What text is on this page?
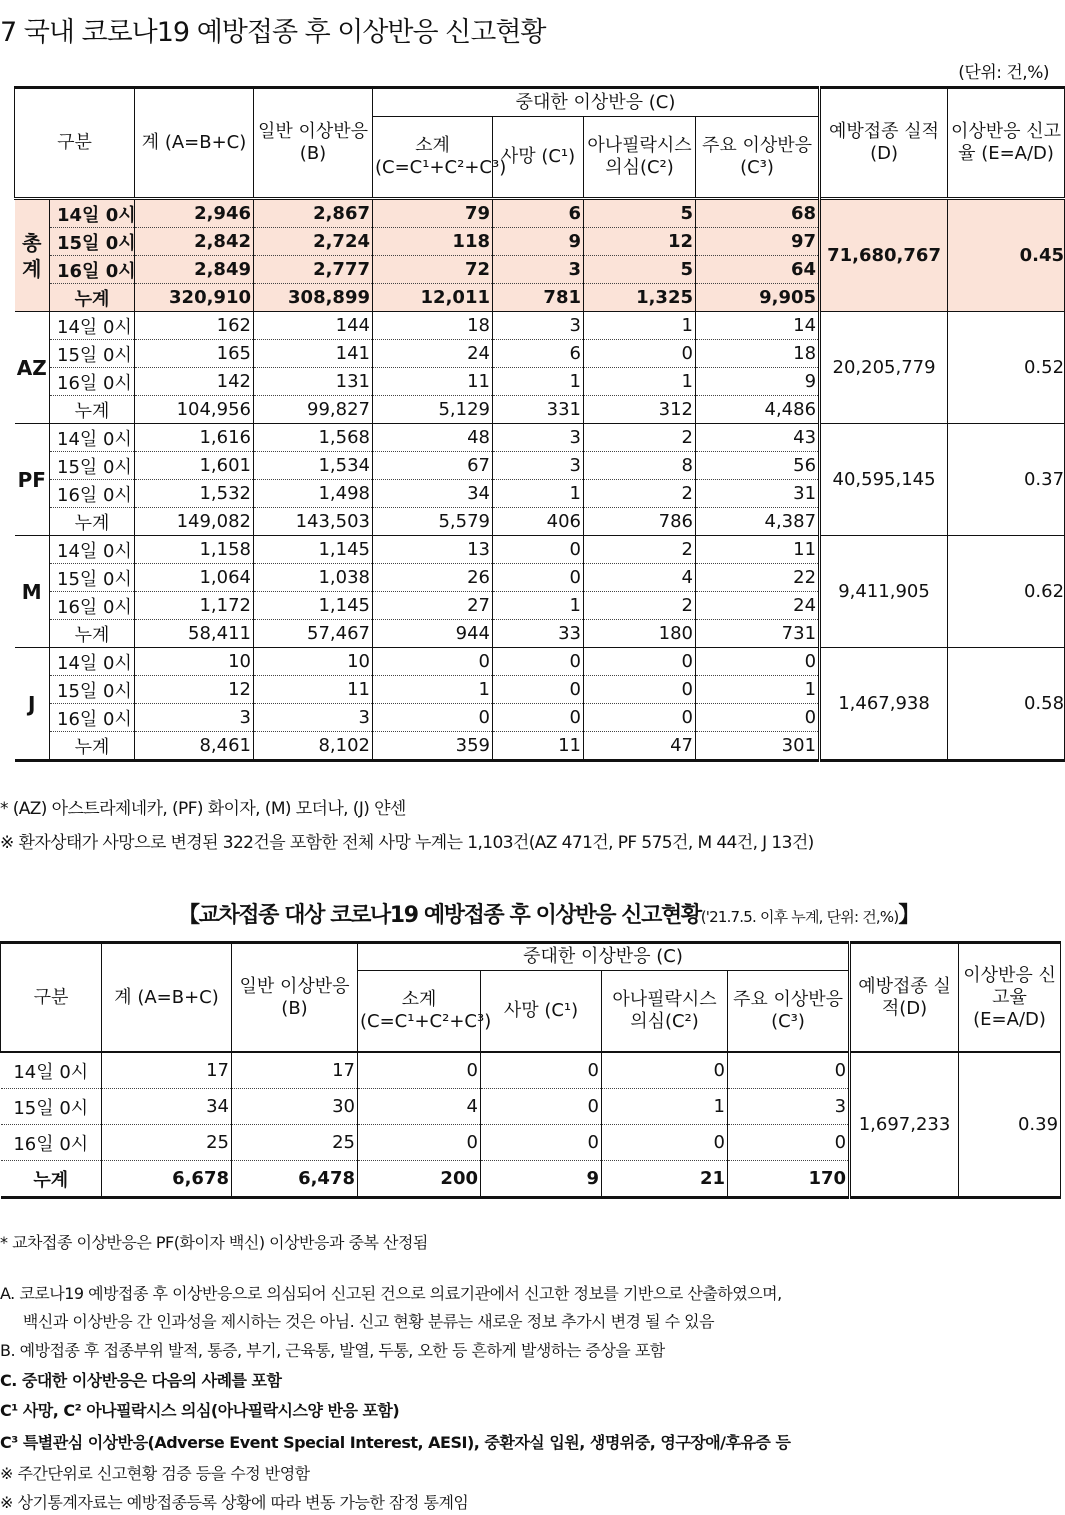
7 국내 코로나19 예방접종 후 이상반응 신고현황
(단위: 건,%)
구분		계 (A=B+C)	일반 이상반응 (B)	중대한 이상반응 (C)				예방접종 실적 (D)	이상반응 신고율 (E=A/D)
				소계 (C=C¹+C²+C³)	사망 (C¹)	아나필락시스의심(C²)	주요 이상반응 (C³)		
총계	14일 0시	2,946	2,867	79	6	5	68	71,680,767	0.45
	15일 0시	2,842	2,724	118	9	12	97		
	16일 0시	2,849	2,777	72	3	5	64		
	누계	320,910	308,899	12,011	781	1,325	9,905		
AZ	14일 0시	162	144	18	3	1	14	20,205,779	0.52
	15일 0시	165	141	24	6	0	18		
	16일 0시	142	131	11	1	1	9		
	누계	104,956	99,827	5,129	331	312	4,486		
PF	14일 0시	1,616	1,568	48	3	2	43	40,595,145	0.37
	15일 0시	1,601	1,534	67	3	8	56		
	16일 0시	1,532	1,498	34	1	2	31		
	누계	149,082	143,503	5,579	406	786	4,387		
M	14일 0시	1,158	1,145	13	0	2	11	9,411,905	0.62
	15일 0시	1,064	1,038	26	0	4	22		
	16일 0시	1,172	1,145	27	1	2	24		
	누계	58,411	57,467	944	33	180	731		
J	14일 0시	10	10	0	0	0	0	1,467,938	0.58
	15일 0시	12	11	1	0	0	1		
	16일 0시	3	3	0	0	0	0		
	누계	8,461	8,102	359	11	47	301		
* (AZ) 아스트라제네카, (PF) 화이자, (M) 모더나, (J) 얀센
※ 환자상태가 사망으로 변경된 322건을 포함한 전체 사망 누계는 1,103건(AZ 471건, PF 575건, M 44건, J 13건)
【교차접종 대상 코로나19 예방접종 후 이상반응 신고현황('21.7.5. 이후 누계, 단위: 건,%)】
구분	계 (A=B+C)	일반 이상반응 (B)	중대한 이상반응 (C)				예방접종 실적(D)	이상반응 신고율 (E=A/D)
			소계 (C=C¹+C²+C³)	사망 (C¹)	아나필락시스 의심(C²)	주요 이상반응 (C³)		
14일 0시	17	17	0	0	0	0	1,697,233	0.39
15일 0시	34	30	4	0	1	3		
16일 0시	25	25	0	0	0	0		
누계	6,678	6,478	200	9	21	170		
* 교차접종 이상반응은 PF(화이자 백신) 이상반응과 중복 산정됨
A. 코로나19 예방접종 후 이상반응으로 의심되어 신고된 건으로 의료기관에서 신고한 정보를 기반으로 산출하였으며,
백신과 이상반응 간 인과성을 제시하는 것은 아님. 신고 현황 분류는 새로운 정보 추가시 변경 될 수 있음
B. 예방접종 후 접종부위 발적, 통증, 부기, 근육통, 발열, 두통, 오한 등 흔하게 발생하는 증상을 포함
C. 중대한 이상반응은 다음의 사례를 포함
C¹ 사망, C² 아나필락시스 의심(아나필락시스양 반응 포함)
C³ 특별관심 이상반응(Adverse Event Special Interest, AESI), 중환자실 입원, 생명위중, 영구장애/후유증 등
※ 주간단위로 신고현황 검증 등을 수정 반영함
※ 상기통계자료는 예방접종등록 상황에 따라 변동 가능한 잠정 통계임
